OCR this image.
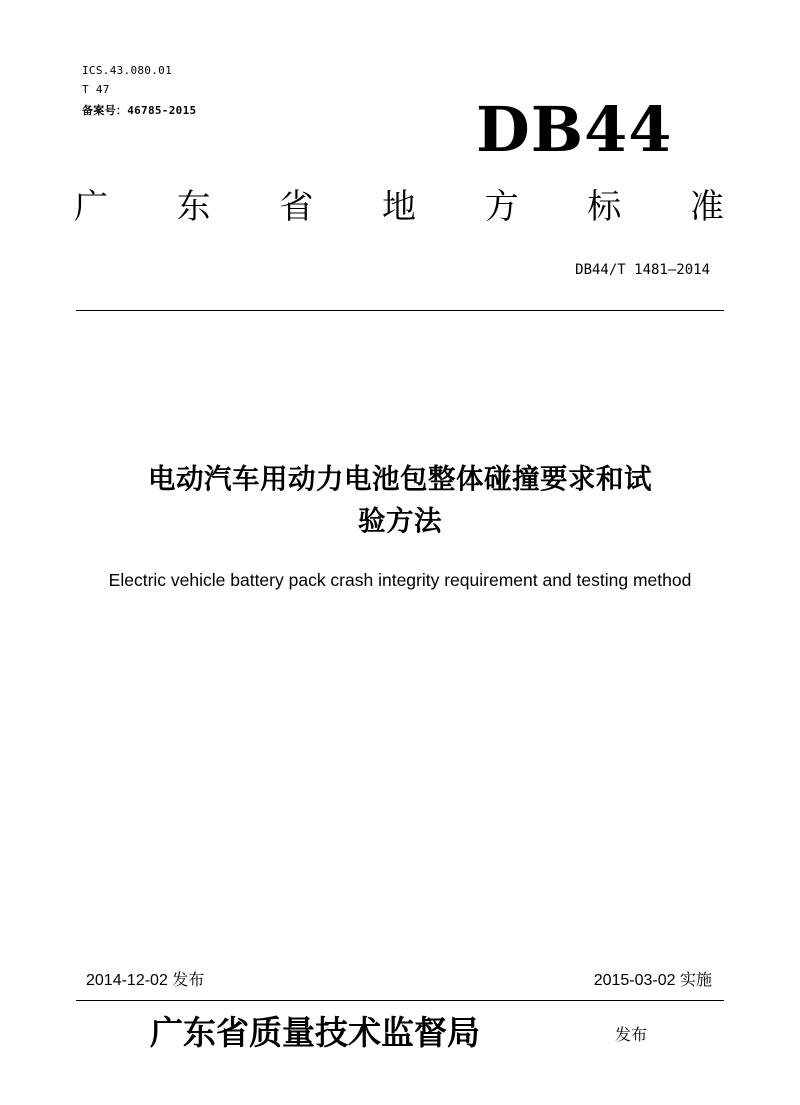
ICS.43.080.01
T 47
备案号：46785-2015	DB44
广 东 省 地 方 标 准
DB44/T 1481—2014
电动汽车用动力电池包整体碰撞要求和试
验方法
Electric vehicle battery pack crash integrity requirement and testing method
2014-12-02 发布	2015-03-02 实施
广东省质量技术监督局	发布
